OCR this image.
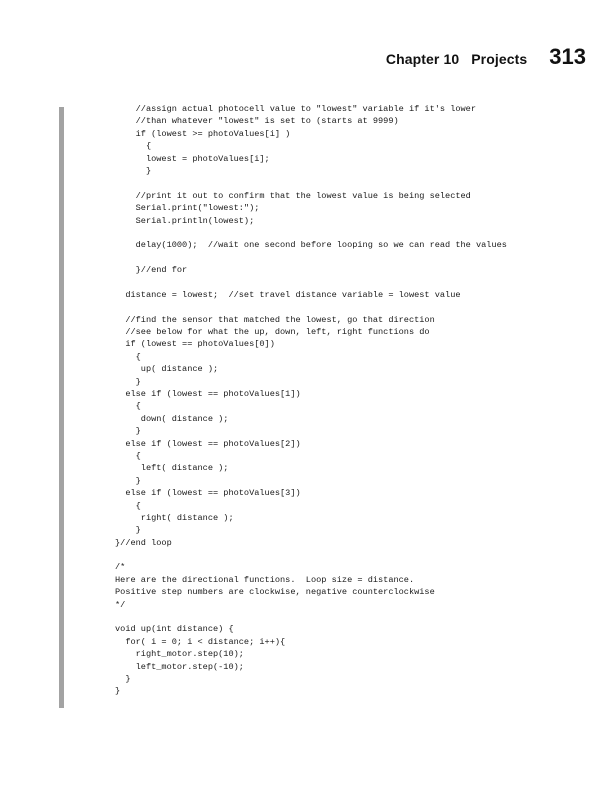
Chapter 10 Projects 313
//assign actual photocell value to "lowest" variable if it's lower
//than whatever "lowest" is set to (starts at 9999)
if (lowest >= photoValues[i] )
{
lowest = photoValues[i];
}
//print it out to confirm that the lowest value is being selected
Serial.print("lowest:");
Serial.println(lowest);
delay(1000);  //wait one second before looping so we can read the values
}//end for
distance = lowest;  //set travel distance variable = lowest value
//find the sensor that matched the lowest, go that direction
//see below for what the up, down, left, right functions do
if (lowest == photoValues[0])
{
up( distance );
}
else if (lowest == photoValues[1])
{
down( distance );
}
else if (lowest == photoValues[2])
{
left( distance );
}
else if (lowest == photoValues[3])
{
right( distance );
}
}//end loop
/*
Here are the directional functions.  Loop size = distance.
Positive step numbers are clockwise, negative counterclockwise
*/
void up(int distance) {
for( i = 0; i < distance; i++){
right_motor.step(10);
left_motor.step(-10);
}
}
